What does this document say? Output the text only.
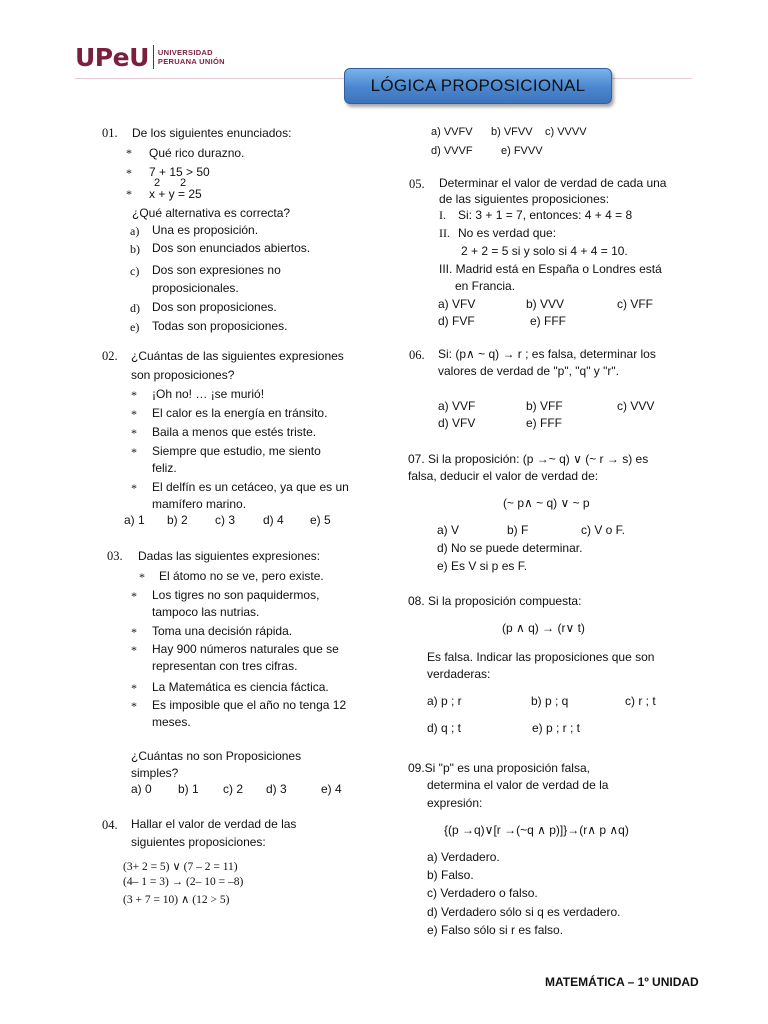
UPeU UNIVERSIDAD
PERUANA UNIÓN
LÓGICA PROPOSICIONAL
01. De los siguientes enunciados:
* Qué rico durazno.
* 7 + 15 > 50
* x + y = 25
2 2
¿Qué alternativa es correcta?
a) Una es proposición.
b) Dos son enunciados abiertos.
c) Dos son expresiones no
proposicionales.
d) Dos son proposiciones.
e) Todas son proposiciones.
02. ¿Cuántas de las siguientes expresiones
son proposiciones?
* ¡Oh no! … ¡se murió!
* El calor es la energía en tránsito.
* Baila a menos que estés triste.
* Siempre que estudio, me siento
feliz.
* El delfín es un cetáceo, ya que es un
mamífero marino.
a) 1 b) 2 c) 3 d) 4 e) 5
03. Dadas las siguientes expresiones:
* El átomo no se ve, pero existe.
* Los tigres no son paquidermos,
tampoco las nutrias.
* Toma una decisión rápida.
* Hay 900 números naturales que se
representan con tres cifras.
* La Matemática es ciencia fáctica.
* Es imposible que el año no tenga 12
meses.
¿Cuántas no son Proposiciones
simples?
a) 0 b) 1 c) 2 d) 3	e) 4
04. Hallar el valor de verdad de las
siguientes proposiciones:
(3+ 2 = 5) ∨ (7 – 2 = 11)
(4– 1 = 3) → (2– 10 = –8)
(3 + 7 = 10) ∧ (12 > 5)
a) VVFV b) VFVV c) VVVV
d) VVVF	e) FVVV
05. Determinar el valor de verdad de cada una
de las siguientes proposiciones:
I. Si: 3 + 1 = 7, entonces: 4 + 4 = 8
II. No es verdad que:
2 + 2 = 5 si y solo si 4 + 4 = 10.
III. Madrid está en España o Londres está
en Francia.
a) VFV	b) VVV	c) VFF
d) FVF	e) FFF
06. Si: (p∧ ~ q) → r ; es falsa, determinar los
valores de verdad de "p", "q" y "r".
a) VVF	b) VFF	c) VVV
d) VFV	e) FFF
07. Si la proposición: (p →~ q) ∨ (~ r → s) es
falsa, deducir el valor de verdad de:
(~ p∧ ~ q) ∨ ~ p
a) V	b) F	c) V o F.
d) No se puede determinar.
e) Es V si p es F.
08. Si la proposición compuesta:
(p ∧ q) → (r∨ t)
Es falsa. Indicar las proposiciones que son
verdaderas:
a) p ; r	b) p ; q	c) r ; t
d) q ; t	e) p ; r ; t
09.Si "p" es una proposición falsa,
determina el valor de verdad de la
expresión:
{(p →q)∨[r →(~q ∧ p)]}→(r∧ p ∧q)
a) Verdadero.
b) Falso.
c) Verdadero o falso.
d) Verdadero sólo si q es verdadero.
e) Falso sólo si r es falso.
MATEMÁTICA – 1º UNIDAD
